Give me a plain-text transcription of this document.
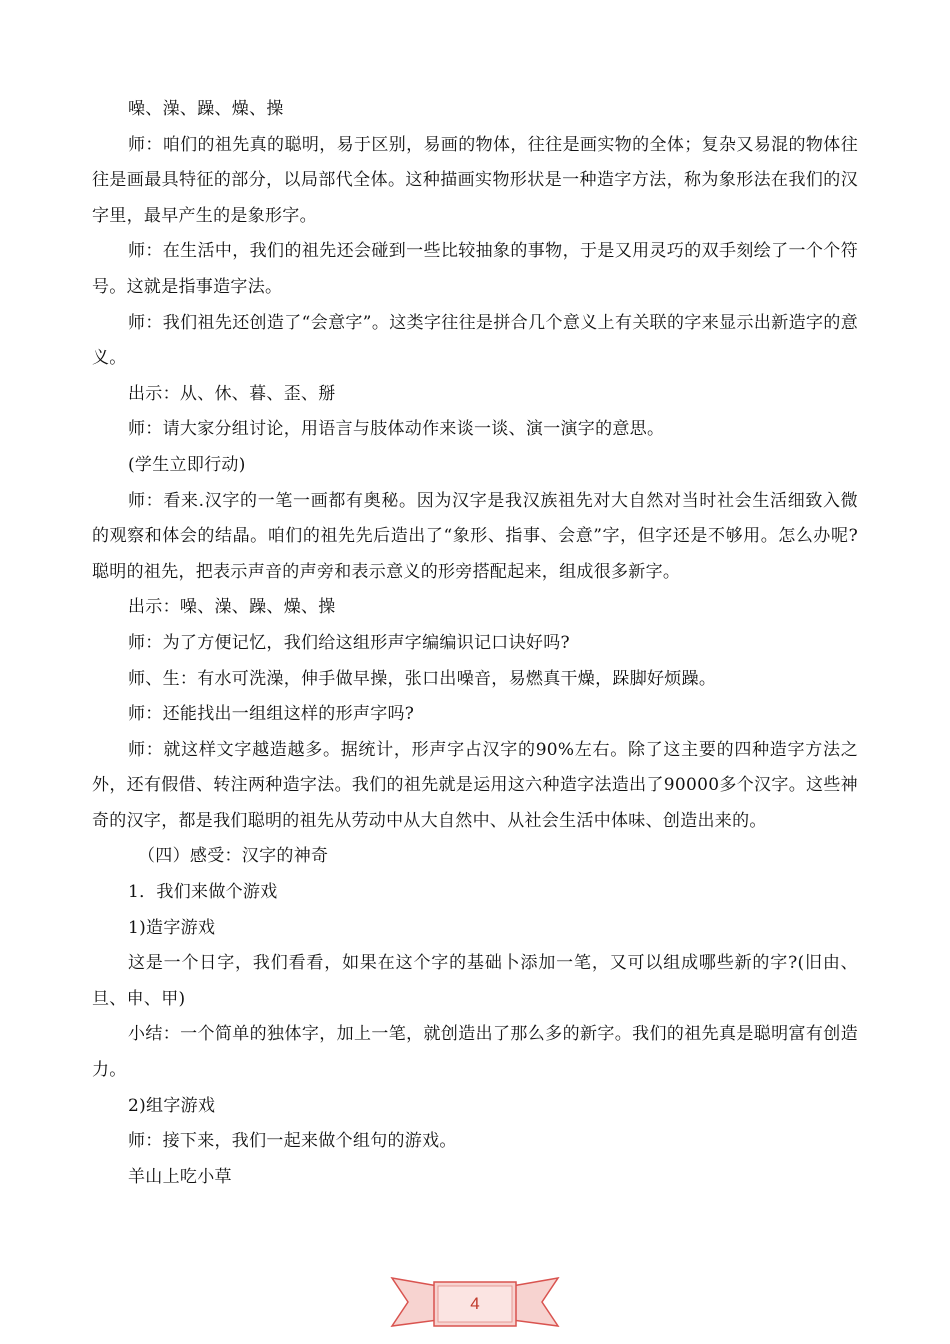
噪、澡、躁、燥、操

师：咱们的祖先真的聪明，易于区别，易画的物体，往往是画实物的全体；复杂又易混的物体往往是画最具特征的部分，以局部代全体。这种描画实物形状是一种造字方法，称为象形法在我们的汉字里，最早产生的是象形字。

师：在生活中，我们的祖先还会碰到一些比较抽象的事物，于是又用灵巧的双手刻绘了一个个符号。这就是指事造字法。

师：我们祖先还创造了“会意字”。这类字往往是拼合几个意义上有关联的字来显示出新造字的意义。

出示：从、休、暮、歪、掰

师：请大家分组讨论，用语言与肢体动作来谈一谈、演一演字的意思。

(学生立即行动)

师：看来.汉字的一笔一画都有奥秘。因为汉字是我汉族祖先对大自然对当时社会生活细致入微的观察和体会的结晶。咱们的祖先先后造出了“象形、指事、会意”字，但字还是不够用。怎么办呢?聪明的祖先，把表示声音的声旁和表示意义的形旁搭配起来，组成很多新字。

出示：噪、澡、躁、燥、操

师：为了方便记忆，我们给这组形声字编编识记口诀好吗?

师、生：有水可洗澡，伸手做早操，张口出噪音，易燃真干燥，跺脚好烦躁。

师：还能找出一组组这样的形声字吗?

师：就这样文字越造越多。据统计，形声字占汉字的90%左右。除了这主要的四种造字方法之外，还有假借、转注两种造字法。我们的祖先就是运用这六种造字法造出了90000多个汉字。这些神奇的汉字，都是我们聪明的祖先从劳动中从大自然中、从社会生活中体味、创造出来的。

（四）感受：汉字的神奇

1．我们来做个游戏

1)造字游戏

这是一个日字，我们看看，如果在这个字的基础卜添加一笔，又可以组成哪些新的字?(旧由、旦、申、甲)

小结：一个简单的独体字，加上一笔，就创造出了那么多的新字。我们的祖先真是聪明富有创造力。

2)组字游戏

师：接下来，我们一起来做个组句的游戏。

羊山上吃小草

4
